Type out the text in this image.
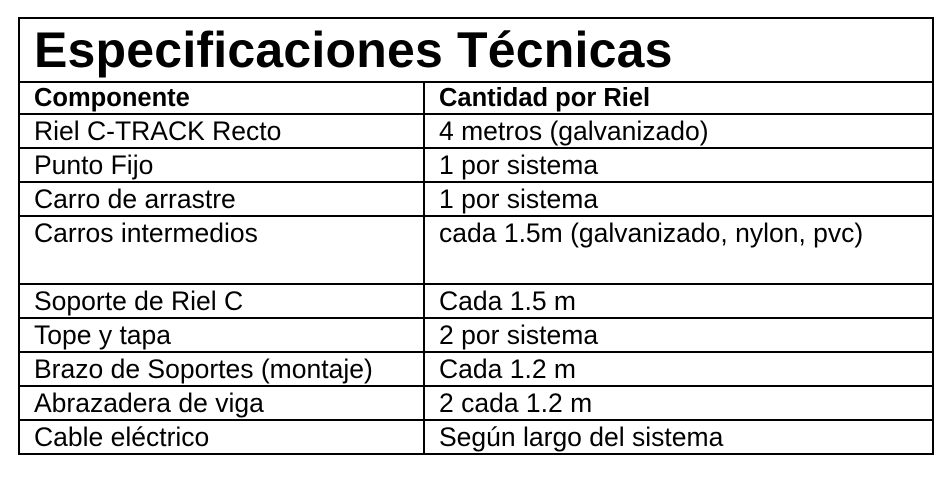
Especificaciones Técnicas	
Componente	Cantidad por Riel
Riel C-TRACK Recto	4 metros (galvanizado)
Punto Fijo	1 por sistema
Carro de arrastre	1 por sistema
Carros intermedios	cada 1.5m (galvanizado, nylon, pvc)
Soporte de Riel C	Cada 1.5 m
Tope y tapa	2 por sistema
Brazo de Soportes (montaje)	Cada 1.2 m
Abrazadera de viga	2 cada 1.2 m
Cable eléctrico	Según largo del sistema
